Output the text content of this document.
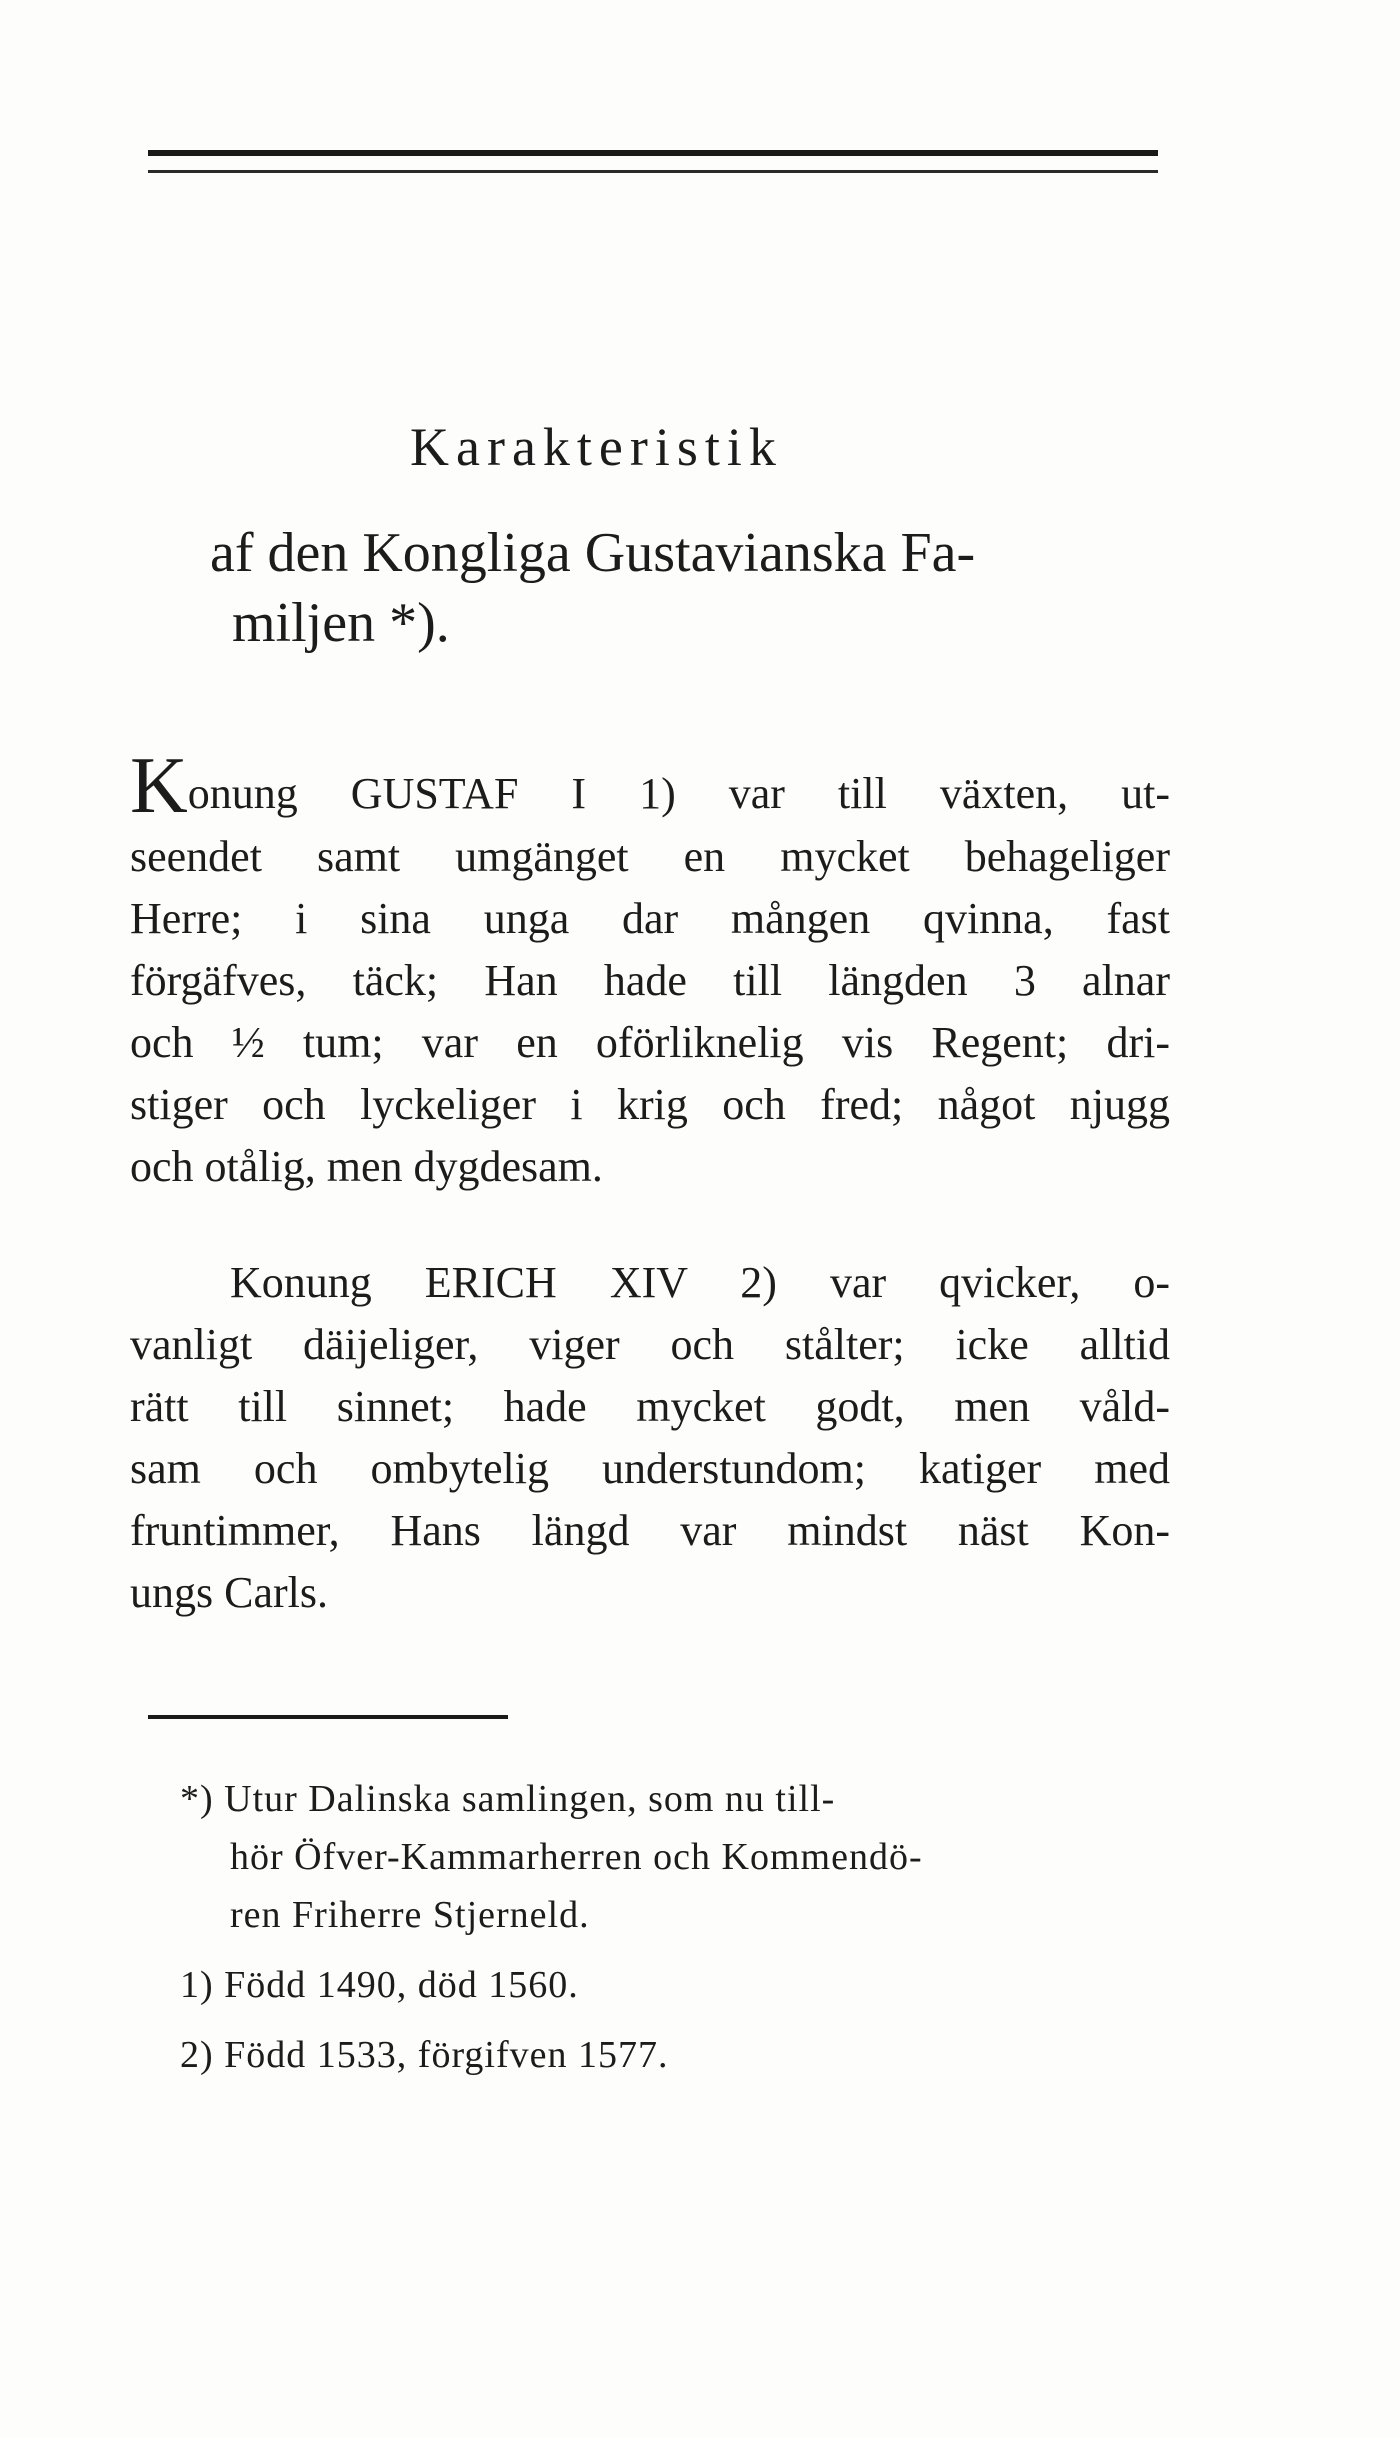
Karakteristik
af den Kongliga Gustavianska Fa-
miljen *).
Konung GUSTAF I 1) var till växten, ut-
seendet samt umgänget en mycket behageliger
Herre; i sina unga dar mången qvinna, fast
förgäfves, täck; Han hade till längden 3 alnar
och ½ tum; var en oförliknelig vis Regent; dri-
stiger och lyckeliger i krig och fred; något njugg
och otålig, men dygdesam.
Konung ERICH XIV 2) var qvicker, o-
vanligt däijeliger, viger och stålter; icke alltid
rätt till sinnet; hade mycket godt, men våld-
sam och ombytelig understundom; katiger med
fruntimmer, Hans längd var mindst näst Kon-
ungs Carls.
*) Utur Dalinska samlingen, som nu till-
hör Öfver-Kammarherren och Kommendö-
ren Friherre Stjerneld.
1) Född 1490, död 1560.
2) Född 1533, förgifven 1577.
